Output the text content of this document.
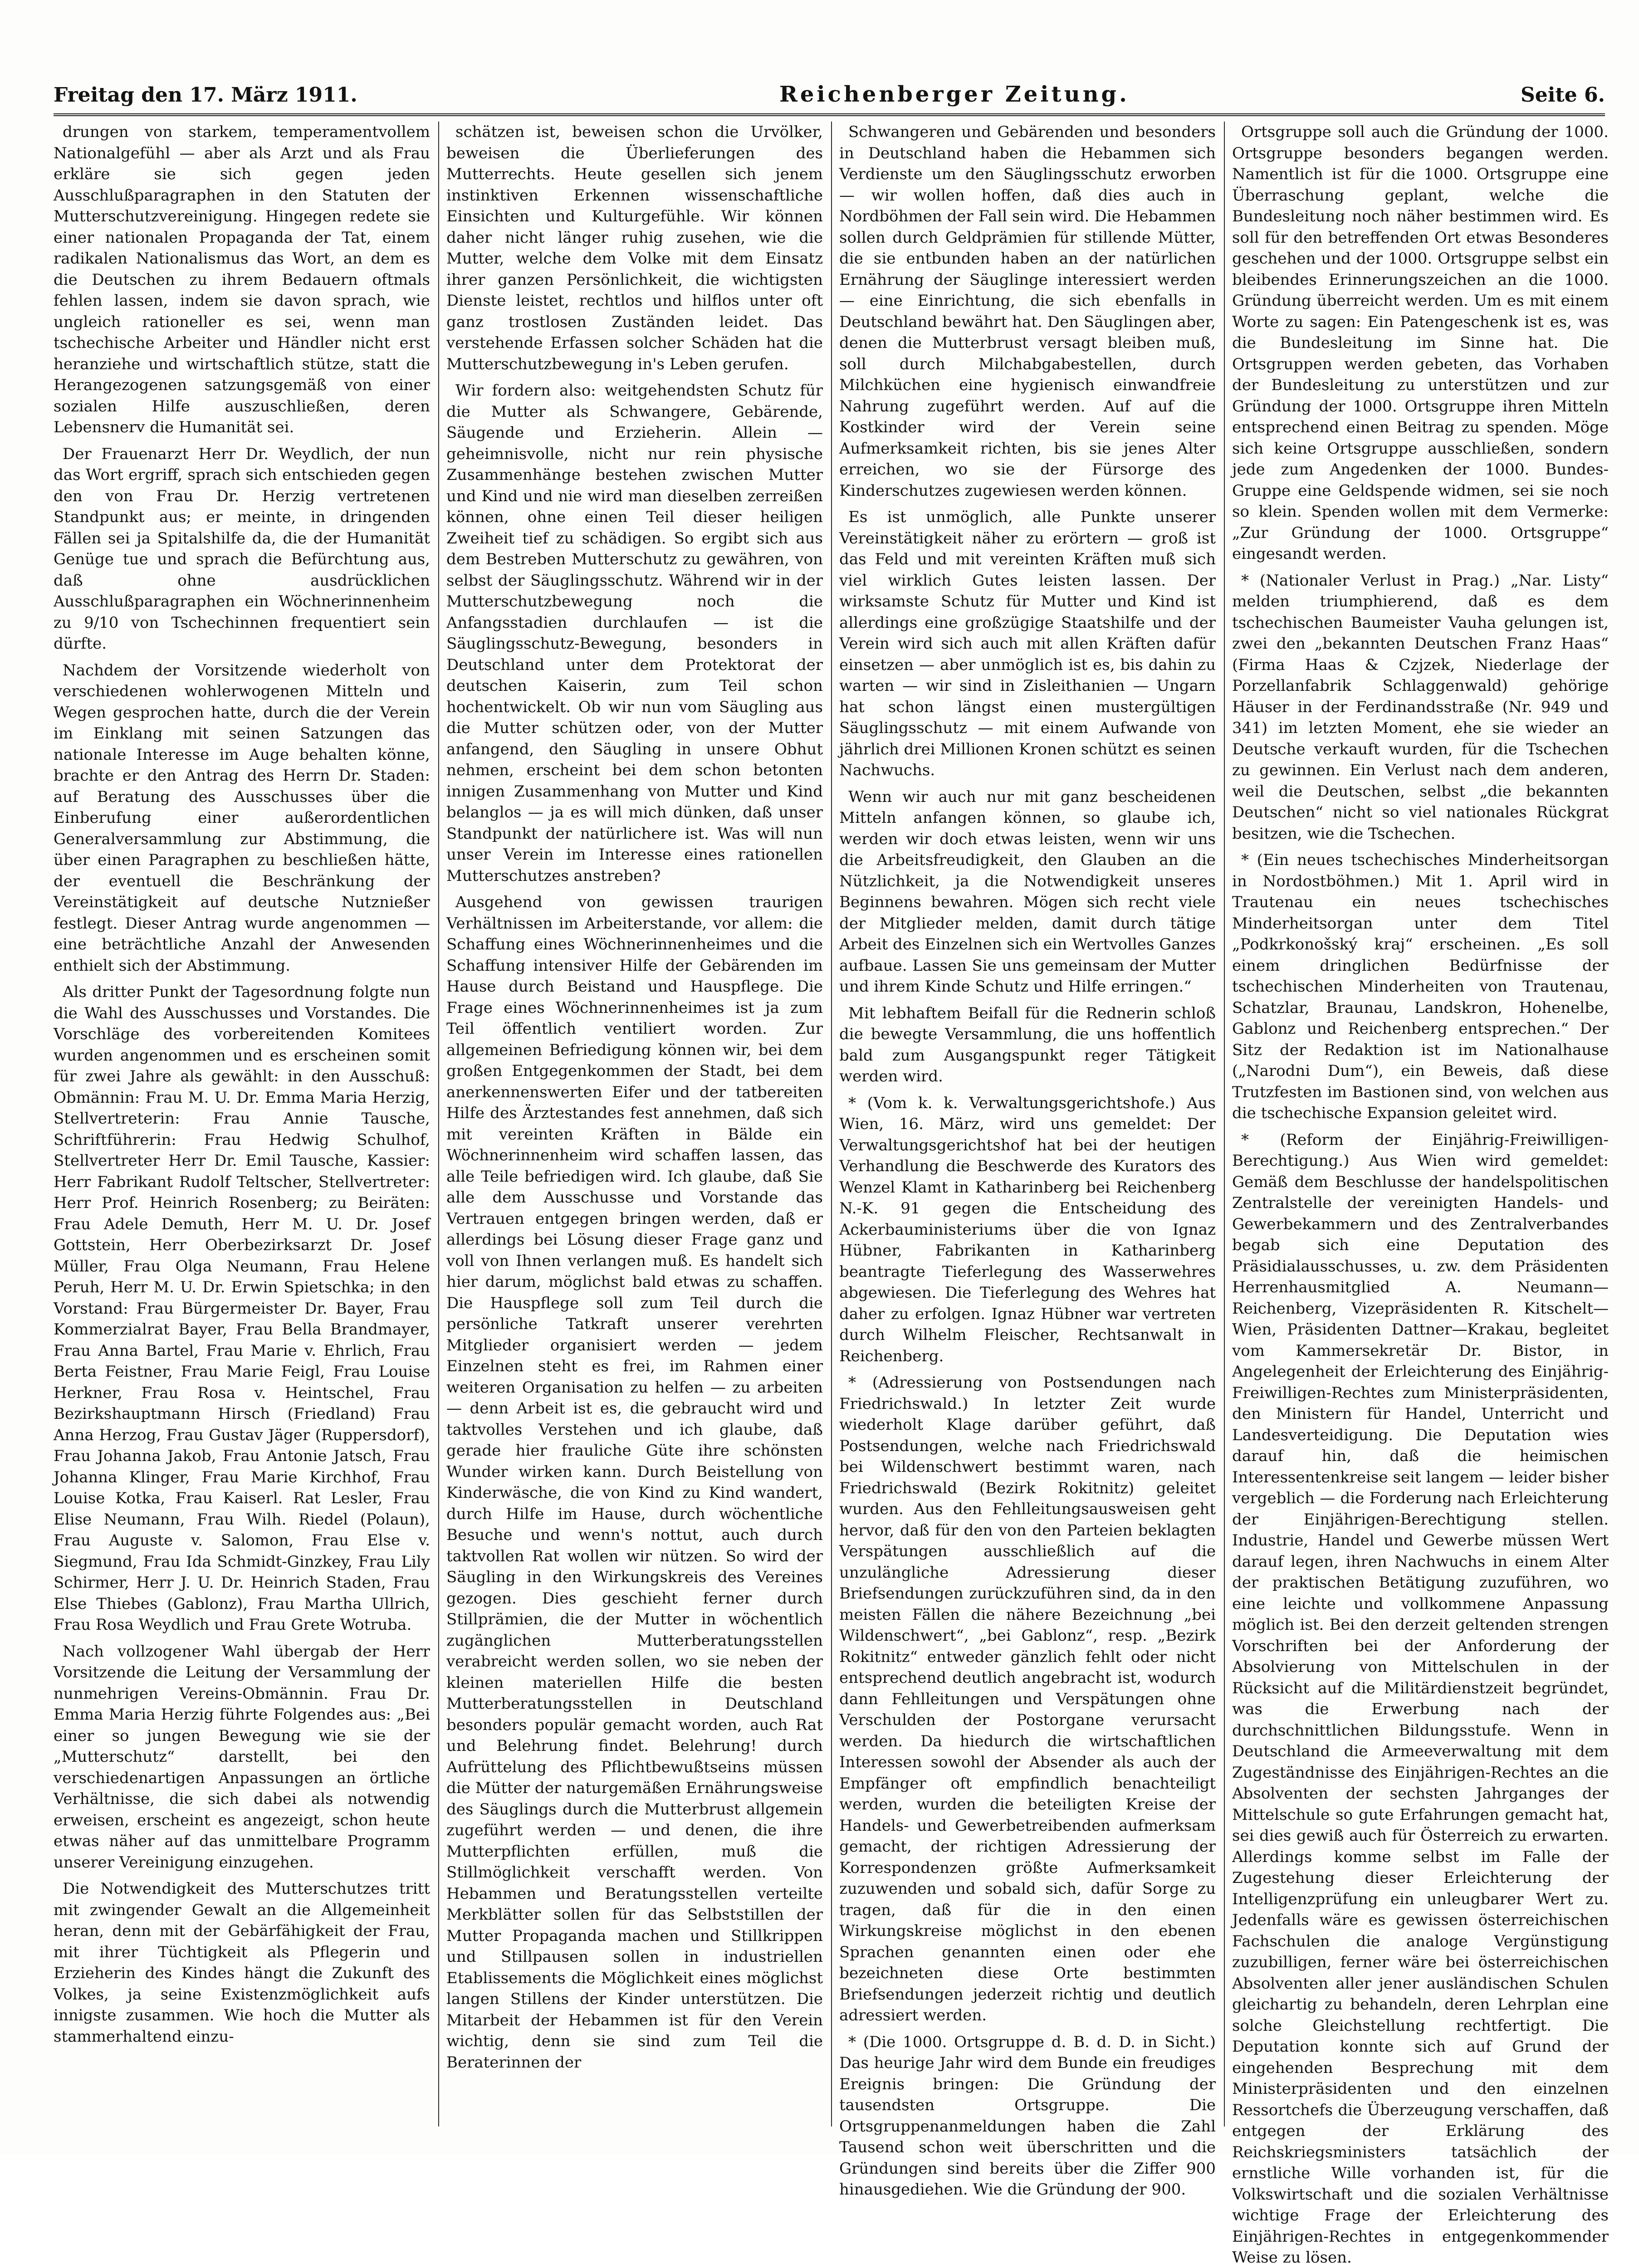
Freitag den 17. März 1911.	Reichenberger Zeitung.	Seite 6.

drungen von starkem, temperamentvollem Nationalgefühl — aber als Arzt und als Frau erkläre sie sich gegen jeden Ausschlußparagraphen in den Statuten der Mutterschutzvereinigung. Hingegen redete sie einer nationalen Propaganda der Tat, einem radikalen Nationalismus das Wort, an dem es die Deutschen zu ihrem Bedauern oftmals fehlen lassen, indem sie davon sprach, wie ungleich rationeller es sei, wenn man tschechische Arbeiter und Händler nicht erst heranziehe und wirtschaftlich stütze, statt die Herangezogenen satzungsgemäß von einer sozialen Hilfe auszuschließen, deren Lebensnerv die Humanität sei.

Der Frauenarzt Herr Dr. Weydlich, der nun das Wort ergriff, sprach sich entschieden gegen den von Frau Dr. Herzig vertretenen Standpunkt aus; er meinte, in dringenden Fällen sei ja Spitalshilfe da, die der Humanität Genüge tue und sprach die Befürchtung aus, daß ohne ausdrücklichen Ausschlußparagraphen ein Wöchnerinnenheim zu 9/10 von Tschechinnen frequentiert sein dürfte.

Nachdem der Vorsitzende wiederholt von verschiedenen wohlerwogenen Mitteln und Wegen gesprochen hatte, durch die der Verein im Einklang mit seinen Satzungen das nationale Interesse im Auge behalten könne, brachte er den Antrag des Herrn Dr. Staden: auf Beratung des Ausschusses über die Einberufung einer außerordentlichen Generalversammlung zur Abstimmung, die über einen Paragraphen zu beschließen hätte, der eventuell die Beschränkung der Vereinstätigkeit auf deutsche Nutznießer festlegt. Dieser Antrag wurde angenommen — eine beträchtliche Anzahl der Anwesenden enthielt sich der Abstimmung.

Als dritter Punkt der Tagesordnung folgte nun die Wahl des Ausschusses und Vorstandes. Die Vorschläge des vorbereitenden Komitees wurden angenommen und es erscheinen somit für zwei Jahre als gewählt: in den Ausschuß: Obmännin: Frau M. U. Dr. Emma Maria Herzig, Stellvertreterin: Frau Annie Tausche, Schriftführerin: Frau Hedwig Schulhof, Stellvertreter Herr Dr. Emil Tausche, Kassier: Herr Fabrikant Rudolf Teltscher, Stellvertreter: Herr Prof. Heinrich Rosenberg; zu Beiräten: Frau Adele Demuth, Herr M. U. Dr. Josef Gottstein, Herr Oberbezirksarzt Dr. Josef Müller, Frau Olga Neumann, Frau Helene Peruh, Herr M. U. Dr. Erwin Spietschka; in den Vorstand: Frau Bürgermeister Dr. Bayer, Frau Kommerzialrat Bayer, Frau Bella Brandmayer, Frau Anna Bartel, Frau Marie v. Ehrlich, Frau Berta Feistner, Frau Marie Feigl, Frau Louise Herkner, Frau Rosa v. Heintschel, Frau Bezirkshauptmann Hirsch (Friedland) Frau Anna Herzog, Frau Gustav Jäger (Ruppersdorf), Frau Johanna Jakob, Frau Antonie Jatsch, Frau Johanna Klinger, Frau Marie Kirchhof, Frau Louise Kotka, Frau Kaiserl. Rat Lesler, Frau Elise Neumann, Frau Wilh. Riedel (Polaun), Frau Auguste v. Salomon, Frau Else v. Siegmund, Frau Ida Schmidt-Ginzkey, Frau Lily Schirmer, Herr J. U. Dr. Heinrich Staden, Frau Else Thiebes (Gablonz), Frau Martha Ullrich, Frau Rosa Weydlich und Frau Grete Wotruba.

Nach vollzogener Wahl übergab der Herr Vorsitzende die Leitung der Versammlung der nunmehrigen Vereins-Obmännin. Frau Dr. Emma Maria Herzig führte Folgendes aus: „Bei einer so jungen Bewegung wie sie der „Mutterschutz“ darstellt, bei den verschiedenartigen Anpassungen an örtliche Verhältnisse, die sich dabei als notwendig erweisen, erscheint es angezeigt, schon heute etwas näher auf das unmittelbare Programm unserer Vereinigung einzugehen.

Die Notwendigkeit des Mutterschutzes tritt mit zwingender Gewalt an die Allgemeinheit heran, denn mit der Gebärfähigkeit der Frau, mit ihrer Tüchtigkeit als Pflegerin und Erzieherin des Kindes hängt die Zukunft des Volkes, ja seine Existenzmöglichkeit aufs innigste zusammen. Wie hoch die Mutter als stammerhaltend einzu-

schätzen ist, beweisen schon die Urvölker, beweisen die Überlieferungen des Mutterrechts. Heute gesellen sich jenem instinktiven Erkennen wissenschaftliche Einsichten und Kulturgefühle. Wir können daher nicht länger ruhig zusehen, wie die Mutter, welche dem Volke mit dem Einsatz ihrer ganzen Persönlichkeit, die wichtigsten Dienste leistet, rechtlos und hilflos unter oft ganz trostlosen Zuständen leidet. Das verstehende Erfassen solcher Schäden hat die Mutterschutzbewegung in's Leben gerufen.

Wir fordern also: weitgehendsten Schutz für die Mutter als Schwangere, Gebärende, Säugende und Erzieherin. Allein — geheimnisvolle, nicht nur rein physische Zusammenhänge bestehen zwischen Mutter und Kind und nie wird man dieselben zerreißen können, ohne einen Teil dieser heiligen Zweiheit tief zu schädigen. So ergibt sich aus dem Bestreben Mutterschutz zu gewähren, von selbst der Säuglingsschutz. Während wir in der Mutterschutzbewegung noch die Anfangsstadien durchlaufen — ist die Säuglingsschutz-Bewegung, besonders in Deutschland unter dem Protektorat der deutschen Kaiserin, zum Teil schon hochentwickelt. Ob wir nun vom Säugling aus die Mutter schützen oder, von der Mutter anfangend, den Säugling in unsere Obhut nehmen, erscheint bei dem schon betonten innigen Zusammenhang von Mutter und Kind belanglos — ja es will mich dünken, daß unser Standpunkt der natürlichere ist. Was will nun unser Verein im Interesse eines rationellen Mutterschutzes anstreben?

Ausgehend von gewissen traurigen Verhältnissen im Arbeiterstande, vor allem: die Schaffung eines Wöchnerinnenheimes und die Schaffung intensiver Hilfe der Gebärenden im Hause durch Beistand und Hauspflege. Die Frage eines Wöchnerinnenheimes ist ja zum Teil öffentlich ventiliert worden. Zur allgemeinen Befriedigung können wir, bei dem großen Entgegenkommen der Stadt, bei dem anerkennenswerten Eifer und der tatbereiten Hilfe des Ärztestandes fest annehmen, daß sich mit vereinten Kräften in Bälde ein Wöchnerinnenheim wird schaffen lassen, das alle Teile befriedigen wird. Ich glaube, daß Sie alle dem Ausschusse und Vorstande das Vertrauen entgegen bringen werden, daß er allerdings bei Lösung dieser Frage ganz und voll von Ihnen verlangen muß. Es handelt sich hier darum, möglichst bald etwas zu schaffen. Die Hauspflege soll zum Teil durch die persönliche Tatkraft unserer verehrten Mitglieder organisiert werden — jedem Einzelnen steht es frei, im Rahmen einer weiteren Organisation zu helfen — zu arbeiten — denn Arbeit ist es, die gebraucht wird und taktvolles Verstehen und ich glaube, daß gerade hier frauliche Güte ihre schönsten Wunder wirken kann. Durch Beistellung von Kinderwäsche, die von Kind zu Kind wandert, durch Hilfe im Hause, durch wöchentliche Besuche und wenn's nottut, auch durch taktvollen Rat wollen wir nützen. So wird der Säugling in den Wirkungskreis des Vereines gezogen. Dies geschieht ferner durch Stillprämien, die der Mutter in wöchentlich zugänglichen Mutterberatungsstellen verabreicht werden sollen, wo sie neben der kleinen materiellen Hilfe die besten Mutterberatungsstellen in Deutschland besonders populär gemacht worden, auch Rat und Belehrung findet. Belehrung! durch Aufrüttelung des Pflichtbewußtseins müssen die Mütter der naturgemäßen Ernährungsweise des Säuglings durch die Mutterbrust allgemein zugeführt werden — und denen, die ihre Mutterpflichten erfüllen, muß die Stillmöglichkeit verschafft werden. Von Hebammen und Beratungsstellen verteilte Merkblätter sollen für das Selbststillen der Mutter Propaganda machen und Stillkrippen und Stillpausen sollen in industriellen Etablissements die Möglichkeit eines möglichst langen Stillens der Kinder unterstützen. Die Mitarbeit der Hebammen ist für den Verein wichtig, denn sie sind zum Teil die Beraterinnen der

Schwangeren und Gebärenden und besonders in Deutschland haben die Hebammen sich Verdienste um den Säuglingsschutz erworben — wir wollen hoffen, daß dies auch in Nordböhmen der Fall sein wird. Die Hebammen sollen durch Geldprämien für stillende Mütter, die sie entbunden haben an der natürlichen Ernährung der Säuglinge interessiert werden — eine Einrichtung, die sich ebenfalls in Deutschland bewährt hat. Den Säuglingen aber, denen die Mutterbrust versagt bleiben muß, soll durch Milchabgabestellen, durch Milchküchen eine hygienisch einwandfreie Nahrung zugeführt werden. Auf auf die Kostkinder wird der Verein seine Aufmerksamkeit richten, bis sie jenes Alter erreichen, wo sie der Fürsorge des Kinderschutzes zugewiesen werden können.

Es ist unmöglich, alle Punkte unserer Vereinstätigkeit näher zu erörtern — groß ist das Feld und mit vereinten Kräften muß sich viel wirklich Gutes leisten lassen. Der wirksamste Schutz für Mutter und Kind ist allerdings eine großzügige Staatshilfe und der Verein wird sich auch mit allen Kräften dafür einsetzen — aber unmöglich ist es, bis dahin zu warten — wir sind in Zisleithanien — Ungarn hat schon längst einen mustergültigen Säuglingsschutz — mit einem Aufwande von jährlich drei Millionen Kronen schützt es seinen Nachwuchs.

Wenn wir auch nur mit ganz bescheidenen Mitteln anfangen können, so glaube ich, werden wir doch etwas leisten, wenn wir uns die Arbeitsfreudigkeit, den Glauben an die Nützlichkeit, ja die Notwendigkeit unseres Beginnens bewahren. Mögen sich recht viele der Mitglieder melden, damit durch tätige Arbeit des Einzelnen sich ein Wertvolles Ganzes aufbaue. Lassen Sie uns gemeinsam der Mutter und ihrem Kinde Schutz und Hilfe erringen.“

Mit lebhaftem Beifall für die Rednerin schloß die bewegte Versammlung, die uns hoffentlich bald zum Ausgangspunkt reger Tätigkeit werden wird.

* (Vom k. k. Verwaltungsgerichtshofe.) Aus Wien, 16. März, wird uns gemeldet: Der Verwaltungsgerichtshof hat bei der heutigen Verhandlung die Beschwerde des Kurators des Wenzel Klamt in Katharinberg bei Reichenberg N.-K. 91 gegen die Entscheidung des Ackerbauministeriums über die von Ignaz Hübner, Fabrikanten in Katharinberg beantragte Tieferlegung des Wasserwehres abgewiesen. Die Tieferlegung des Wehres hat daher zu erfolgen. Ignaz Hübner war vertreten durch Wilhelm Fleischer, Rechtsanwalt in Reichenberg.

* (Adressierung von Postsendungen nach Friedrichswald.) In letzter Zeit wurde wiederholt Klage darüber geführt, daß Postsendungen, welche nach Friedrichswald bei Wildenschwert bestimmt waren, nach Friedrichswald (Bezirk Rokitnitz) geleitet wurden. Aus den Fehlleitungsausweisen geht hervor, daß für den von den Parteien beklagten Verspätungen ausschließlich auf die unzulängliche Adressierung dieser Briefsendungen zurückzuführen sind, da in den meisten Fällen die nähere Bezeichnung „bei Wildenschwert“, „bei Gablonz“, resp. „Bezirk Rokitnitz“ entweder gänzlich fehlt oder nicht entsprechend deutlich angebracht ist, wodurch dann Fehlleitungen und Verspätungen ohne Verschulden der Postorgane verursacht werden. Da hiedurch die wirtschaftlichen Interessen sowohl der Absender als auch der Empfänger oft empfindlich benachteiligt werden, wurden die beteiligten Kreise der Handels- und Gewerbetreibenden aufmerksam gemacht, der richtigen Adressierung der Korrespondenzen größte Aufmerksamkeit zuzuwenden und sobald sich, dafür Sorge zu tragen, daß für die in den einen Wirkungskreise möglichst in den ebenen Sprachen genannten einen oder ehe bezeichneten diese Orte bestimmten Briefsendungen jederzeit richtig und deutlich adressiert werden.

* (Die 1000. Ortsgruppe d. B. d. D. in Sicht.) Das heurige Jahr wird dem Bunde ein freudiges Ereignis bringen: Die Gründung der tausendsten Ortsgruppe. Die Ortsgruppenanmeldungen haben die Zahl Tausend schon weit überschritten und die Gründungen sind bereits über die Ziffer 900 hinausgediehen. Wie die Gründung der 900.

Ortsgruppe soll auch die Gründung der 1000. Ortsgruppe besonders begangen werden. Namentlich ist für die 1000. Ortsgruppe eine Überraschung geplant, welche die Bundesleitung noch näher bestimmen wird. Es soll für den betreffenden Ort etwas Besonderes geschehen und der 1000. Ortsgruppe selbst ein bleibendes Erinnerungszeichen an die 1000. Gründung überreicht werden. Um es mit einem Worte zu sagen: Ein Patengeschenk ist es, was die Bundesleitung im Sinne hat. Die Ortsgruppen werden gebeten, das Vorhaben der Bundesleitung zu unterstützen und zur Gründung der 1000. Ortsgruppe ihren Mitteln entsprechend einen Beitrag zu spenden. Möge sich keine Ortsgruppe ausschließen, sondern jede zum Angedenken der 1000. Bundes-Gruppe eine Geldspende widmen, sei sie noch so klein. Spenden wollen mit dem Vermerke: „Zur Gründung der 1000. Ortsgruppe“ eingesandt werden.

* (Nationaler Verlust in Prag.) „Nar. Listy“ melden triumphierend, daß es dem tschechischen Baumeister Vauha gelungen ist, zwei den „bekannten Deutschen Franz Haas“ (Firma Haas & Czjzek, Niederlage der Porzellanfabrik Schlaggenwald) gehörige Häuser in der Ferdinandsstraße (Nr. 949 und 341) im letzten Moment, ehe sie wieder an Deutsche verkauft wurden, für die Tschechen zu gewinnen. Ein Verlust nach dem anderen, weil die Deutschen, selbst „die bekannten Deutschen“ nicht so viel nationales Rückgrat besitzen, wie die Tschechen.

* (Ein neues tschechisches Minderheitsorgan in Nordostböhmen.) Mit 1. April wird in Trautenau ein neues tschechisches Minderheitsorgan unter dem Titel „Podkrkonošský kraj“ erscheinen. „Es soll einem dringlichen Bedürfnisse der tschechischen Minderheiten von Trautenau, Schatzlar, Braunau, Landskron, Hohenelbe, Gablonz und Reichenberg entsprechen.“ Der Sitz der Redaktion ist im Nationalhause („Narodni Dum“), ein Beweis, daß diese Trutzfesten im Bastionen sind, von welchen aus die tschechische Expansion geleitet wird.

* (Reform der Einjährig-Freiwilligen-Berechtigung.) Aus Wien wird gemeldet: Gemäß dem Beschlusse der handelspolitischen Zentralstelle der vereinigten Handels- und Gewerbekammern und des Zentralverbandes begab sich eine Deputation des Präsidialausschusses, u. zw. dem Präsidenten Herrenhausmitglied A. Neumann—Reichenberg, Vizepräsidenten R. Kitschelt—Wien, Präsidenten Dattner—Krakau, begleitet vom Kammersekretär Dr. Bistor, in Angelegenheit der Erleichterung des Einjährig-Freiwilligen-Rechtes zum Ministerpräsidenten, den Ministern für Handel, Unterricht und Landesverteidigung. Die Deputation wies darauf hin, daß die heimischen Interessentenkreise seit langem — leider bisher vergeblich — die Forderung nach Erleichterung der Einjährigen-Berechtigung stellen. Industrie, Handel und Gewerbe müssen Wert darauf legen, ihren Nachwuchs in einem Alter der praktischen Betätigung zuzuführen, wo eine leichte und vollkommene Anpassung möglich ist. Bei den derzeit geltenden strengen Vorschriften bei der Anforderung der Absolvierung von Mittelschulen in der Rücksicht auf die Militärdienstzeit begründet, was die Erwerbung nach der durchschnittlichen Bildungsstufe. Wenn in Deutschland die Armeeverwaltung mit dem Zugeständnisse des Einjährigen-Rechtes an die Absolventen der sechsten Jahrganges der Mittelschule so gute Erfahrungen gemacht hat, sei dies gewiß auch für Österreich zu erwarten. Allerdings komme selbst im Falle der Zugestehung dieser Erleichterung der Intelligenzprüfung ein unleugbarer Wert zu. Jedenfalls wäre es gewissen österreichischen Fachschulen die analoge Vergünstigung zuzubilligen, ferner wäre bei österreichischen Absolventen aller jener ausländischen Schulen gleichartig zu behandeln, deren Lehrplan eine solche Gleichstellung rechtfertigt. Die Deputation konnte sich auf Grund der eingehenden Besprechung mit dem Ministerpräsidenten und den einzelnen Ressortchefs die Überzeugung verschaffen, daß entgegen der Erklärung des Reichskriegsministers tatsächlich der ernstliche Wille vorhanden ist, für die Volkswirtschaft und die sozialen Verhältnisse wichtige Frage der Erleichterung des Einjährigen-Rechtes in entgegenkommender Weise zu lösen.
